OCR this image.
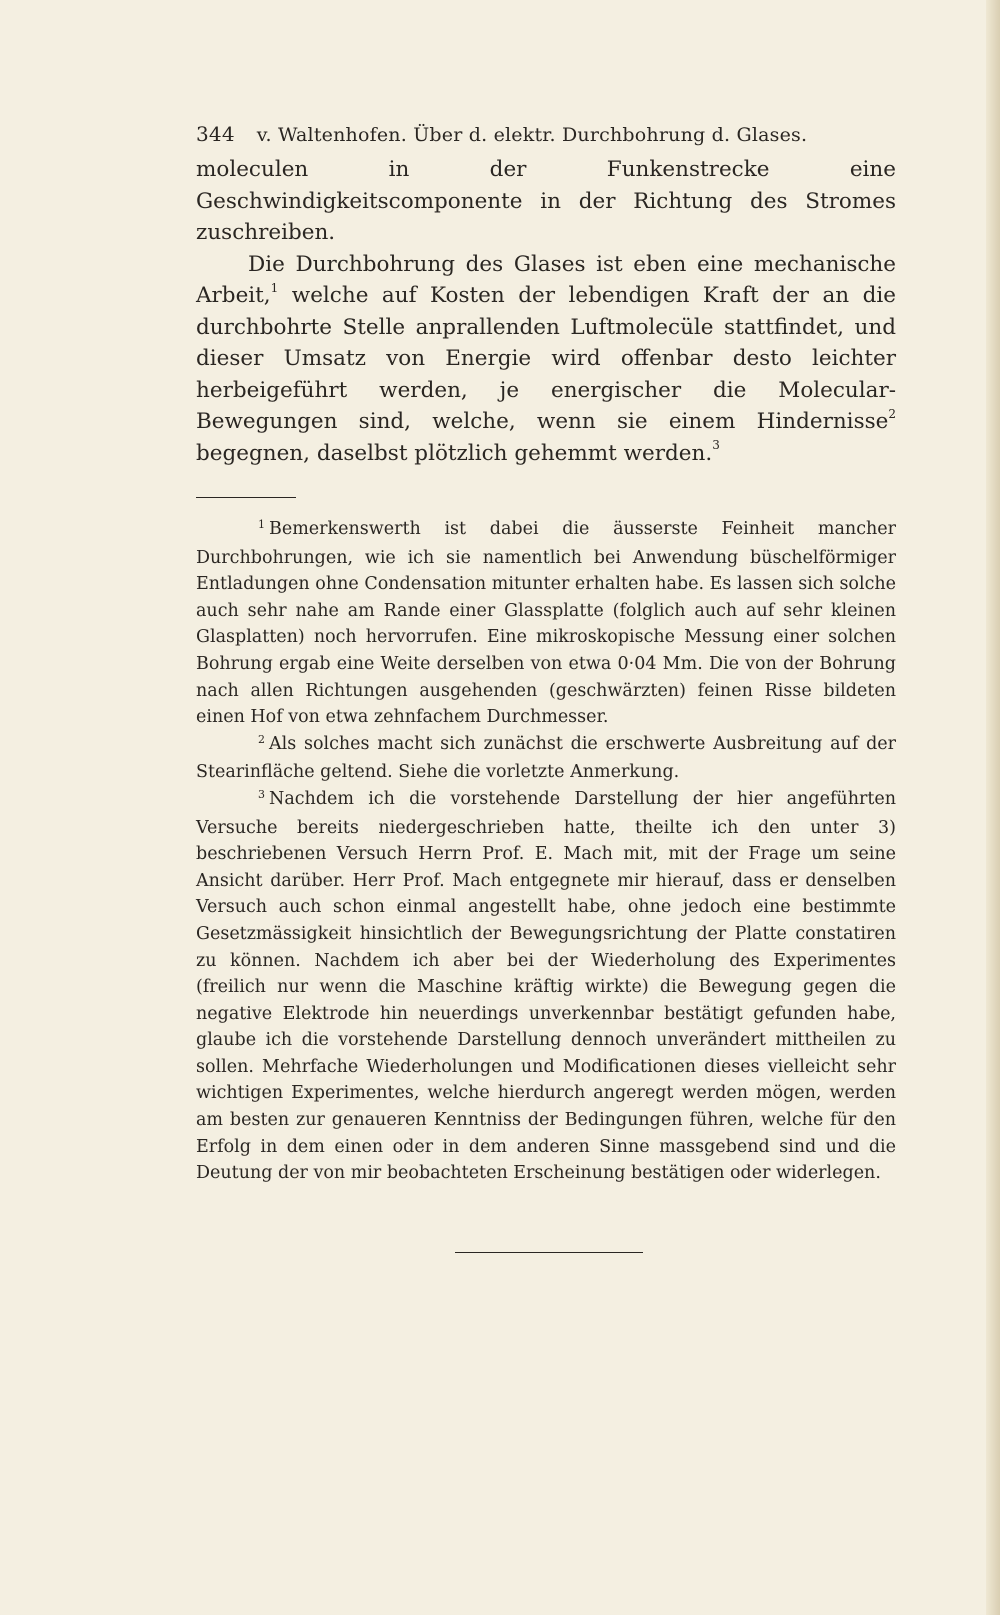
344 v. Waltenhofen. Über d. elektr. Durchbohrung d. Glases.

moleculen in der Funkenstrecke eine Geschwindigkeitscomponente in der Richtung des Stromes zuschreiben.

Die Durchbohrung des Glases ist eben eine mechanische Arbeit,$^1$ welche auf Kosten der lebendigen Kraft der an die durchbohrte Stelle anprallenden Luftmolecüle stattfindet, und dieser Umsatz von Energie wird offenbar desto leichter herbeigeführt werden, je energischer die Molecular-Bewegungen sind, welche, wenn sie einem Hindernisse$^2$ begegnen, daselbst plötzlich gehemmt werden.$^3$

$^1$ Bemerkenswerth ist dabei die äusserste Feinheit mancher Durchbohrungen, wie ich sie namentlich bei Anwendung büschelförmiger Entladungen ohne Condensation mitunter erhalten habe. Es lassen sich solche auch sehr nahe am Rande einer Glassplatte (folglich auch auf sehr kleinen Glasplatten) noch hervorrufen. Eine mikroskopische Messung einer solchen Bohrung ergab eine Weite derselben von etwa 0·04 Mm. Die von der Bohrung nach allen Richtungen ausgehenden (geschwärzten) feinen Risse bildeten einen Hof von etwa zehnfachem Durchmesser.

$^2$ Als solches macht sich zunächst die erschwerte Ausbreitung auf der Stearinfläche geltend. Siehe die vorletzte Anmerkung.

$^3$ Nachdem ich die vorstehende Darstellung der hier angeführten Versuche bereits niedergeschrieben hatte, theilte ich den unter 3) beschriebenen Versuch Herrn Prof. E. Mach mit, mit der Frage um seine Ansicht darüber. Herr Prof. Mach entgegnete mir hierauf, dass er denselben Versuch auch schon einmal angestellt habe, ohne jedoch eine bestimmte Gesetzmässigkeit hinsichtlich der Bewegungsrichtung der Platte constatiren zu können. Nachdem ich aber bei der Wiederholung des Experimentes (freilich nur wenn die Maschine kräftig wirkte) die Bewegung gegen die negative Elektrode hin neuerdings unverkennbar bestätigt gefunden habe, glaube ich die vorstehende Darstellung dennoch unverändert mittheilen zu sollen. Mehrfache Wiederholungen und Modificationen dieses vielleicht sehr wichtigen Experimentes, welche hierdurch angeregt werden mögen, werden am besten zur genaueren Kenntniss der Bedingungen führen, welche für den Erfolg in dem einen oder in dem anderen Sinne massgebend sind und die Deutung der von mir beobachteten Erscheinung bestätigen oder widerlegen.
